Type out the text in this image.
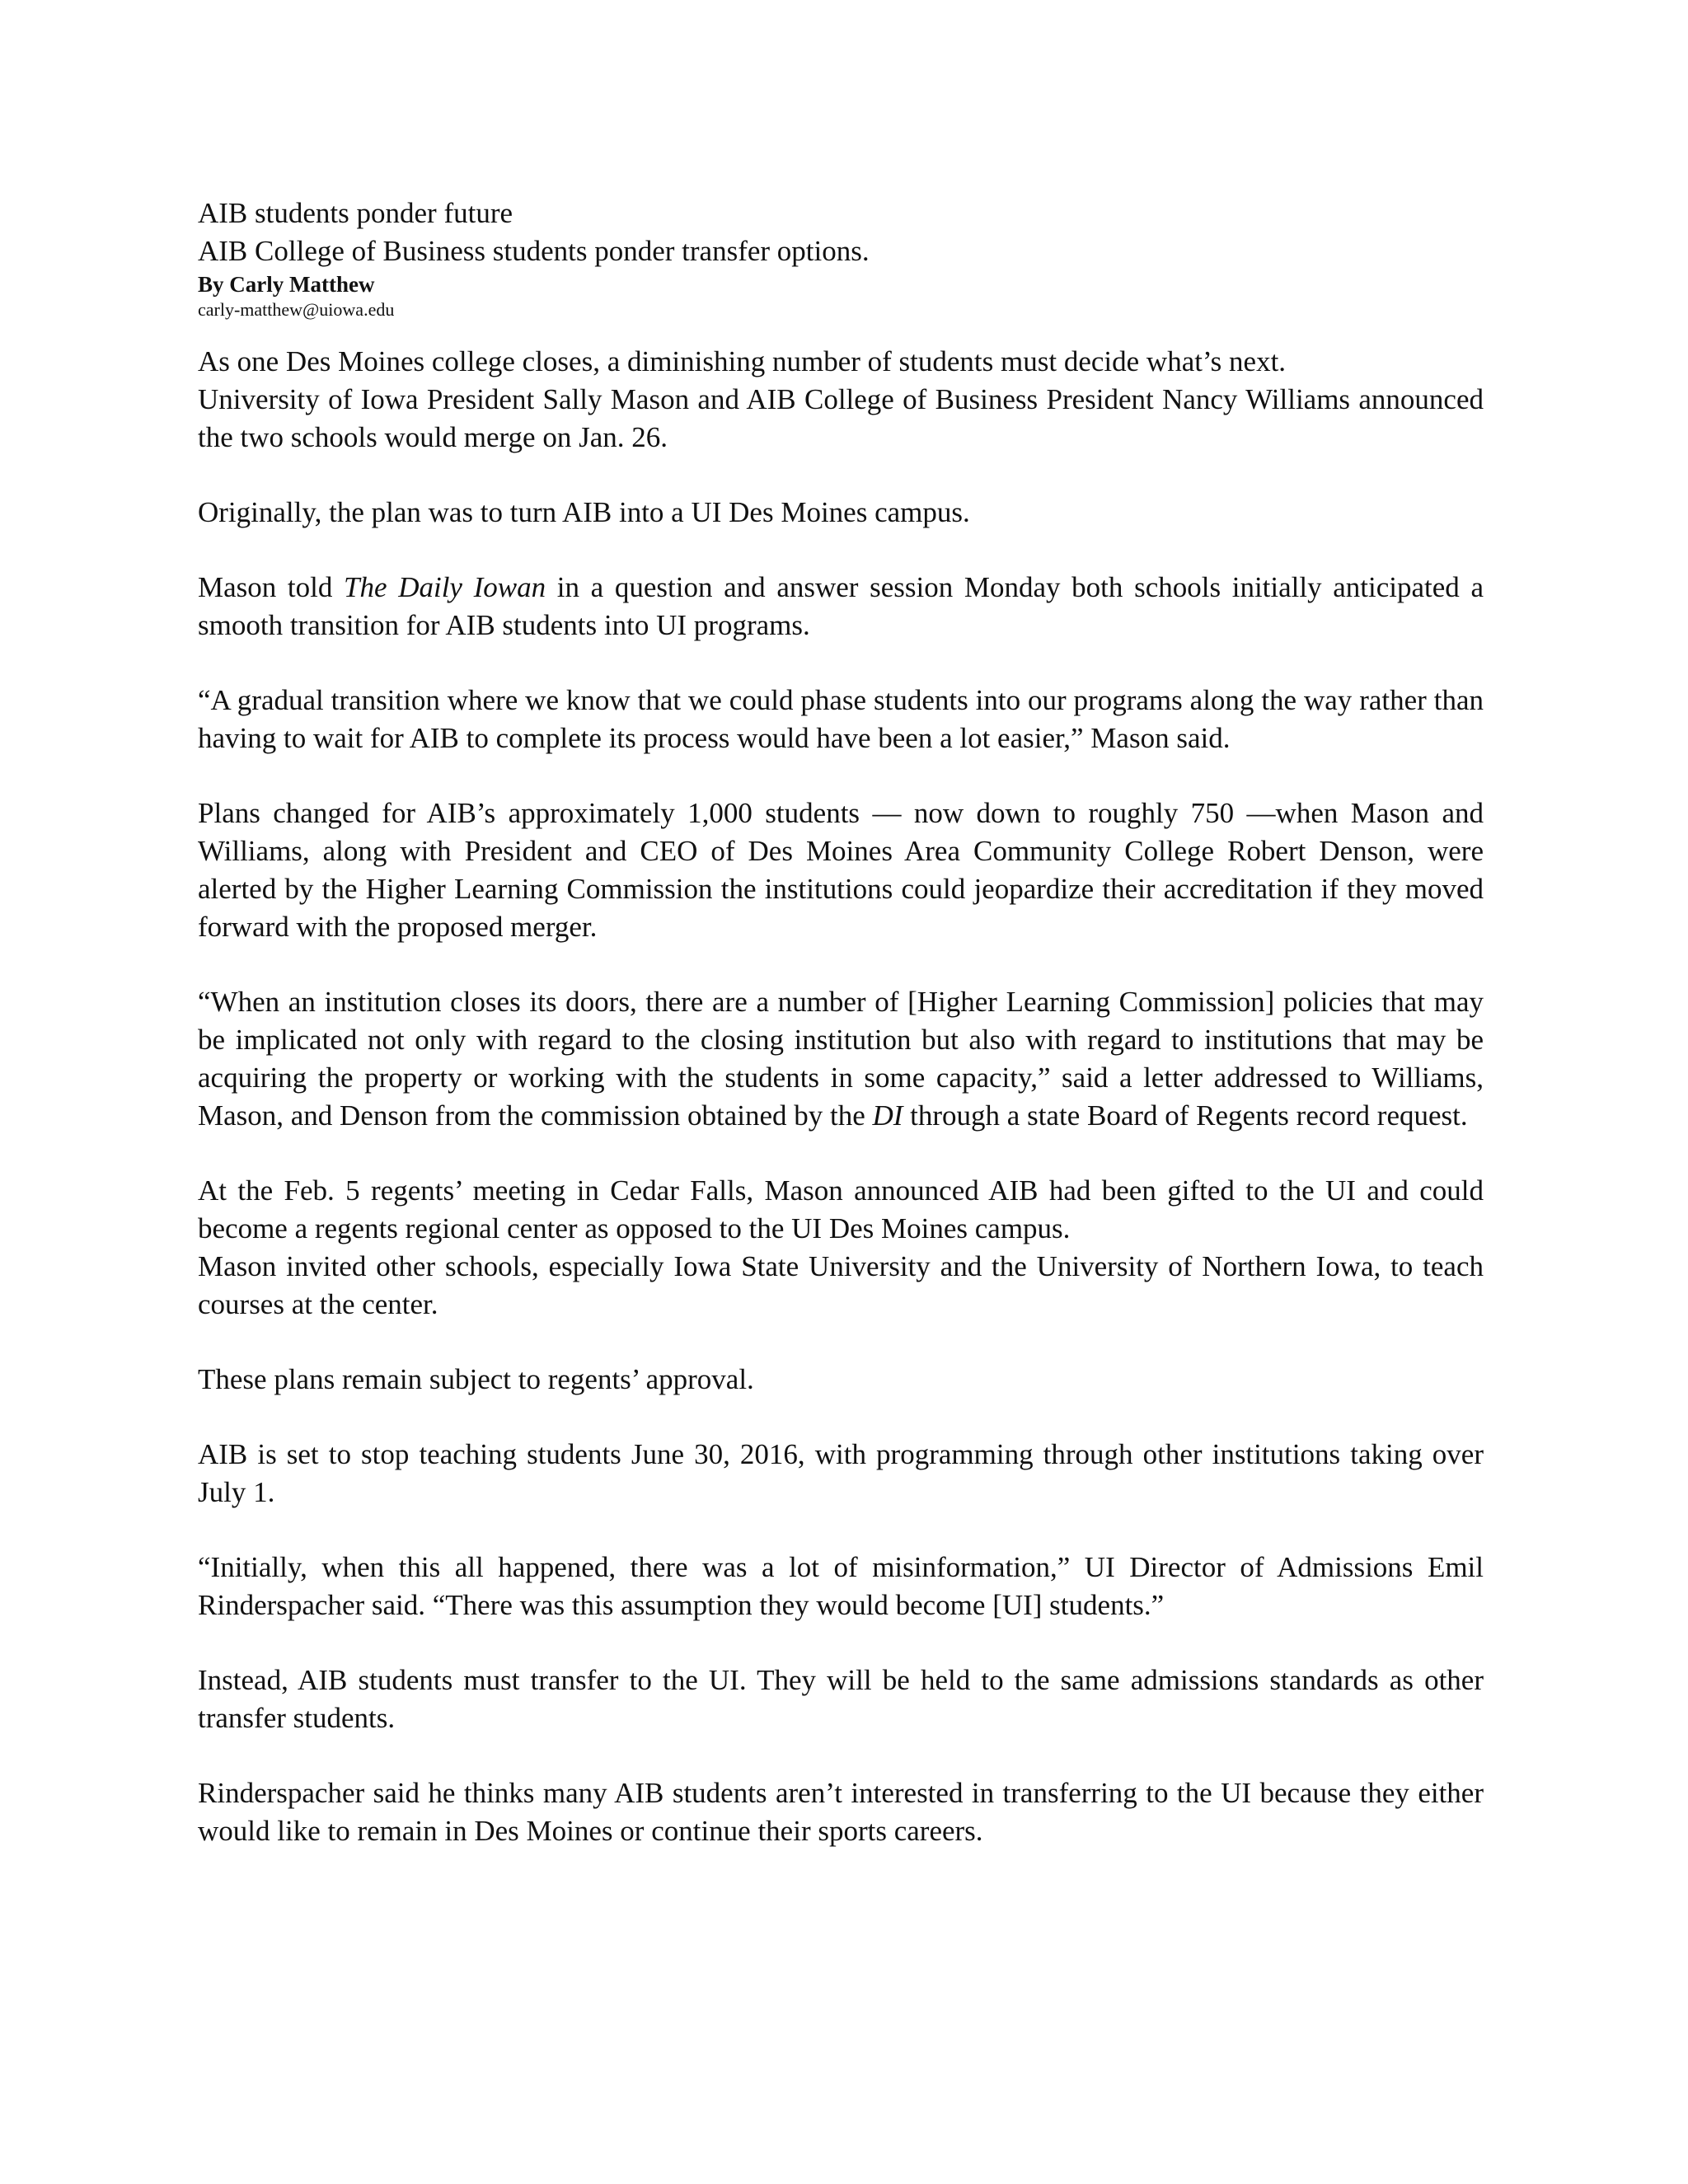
AIB students ponder future

AIB College of Business students ponder transfer options.

By Carly Matthew

carly-matthew@uiowa.edu

As one Des Moines college closes, a diminishing number of students must decide what’s next.

University of Iowa President Sally Mason and AIB College of Business President Nancy Williams announced the two schools would merge on Jan. 26.

Originally, the plan was to turn AIB into a UI Des Moines campus.

Mason told The Daily Iowan in a question and answer session Monday both schools initially anticipated a smooth transition for AIB students into UI programs.

“A gradual transition where we know that we could phase students into our programs along the way rather than having to wait for AIB to complete its process would have been a lot easier,” Mason said.

Plans changed for AIB’s approximately 1,000 students — now down to roughly 750 —when Mason and Williams, along with President and CEO of Des Moines Area Community College Robert Denson, were alerted by the Higher Learning Commission the institutions could jeopardize their accreditation if they moved forward with the proposed merger.

“When an institution closes its doors, there are a number of [Higher Learning Commission] policies that may be implicated not only with regard to the closing institution but also with regard to institutions that may be acquiring the property or working with the students in some capacity,” said a letter addressed to Williams, Mason, and Denson from the commission obtained by the DI through a state Board of Regents record request.

At the Feb. 5 regents’ meeting in Cedar Falls, Mason announced AIB had been gifted to the UI and could become a regents regional center as opposed to the UI Des Moines campus.

Mason invited other schools, especially Iowa State University and the University of Northern Iowa, to teach courses at the center.

These plans remain subject to regents’ approval.

AIB is set to stop teaching students June 30, 2016, with programming through other institutions taking over July 1.

“Initially, when this all happened, there was a lot of misinformation,” UI Director of Admissions Emil Rinderspacher said. “There was this assumption they would become [UI] students.”

Instead, AIB students must transfer to the UI. They will be held to the same admissions standards as other transfer students.

Rinderspacher said he thinks many AIB students aren’t interested in transferring to the UI because they either would like to remain in Des Moines or continue their sports careers.
